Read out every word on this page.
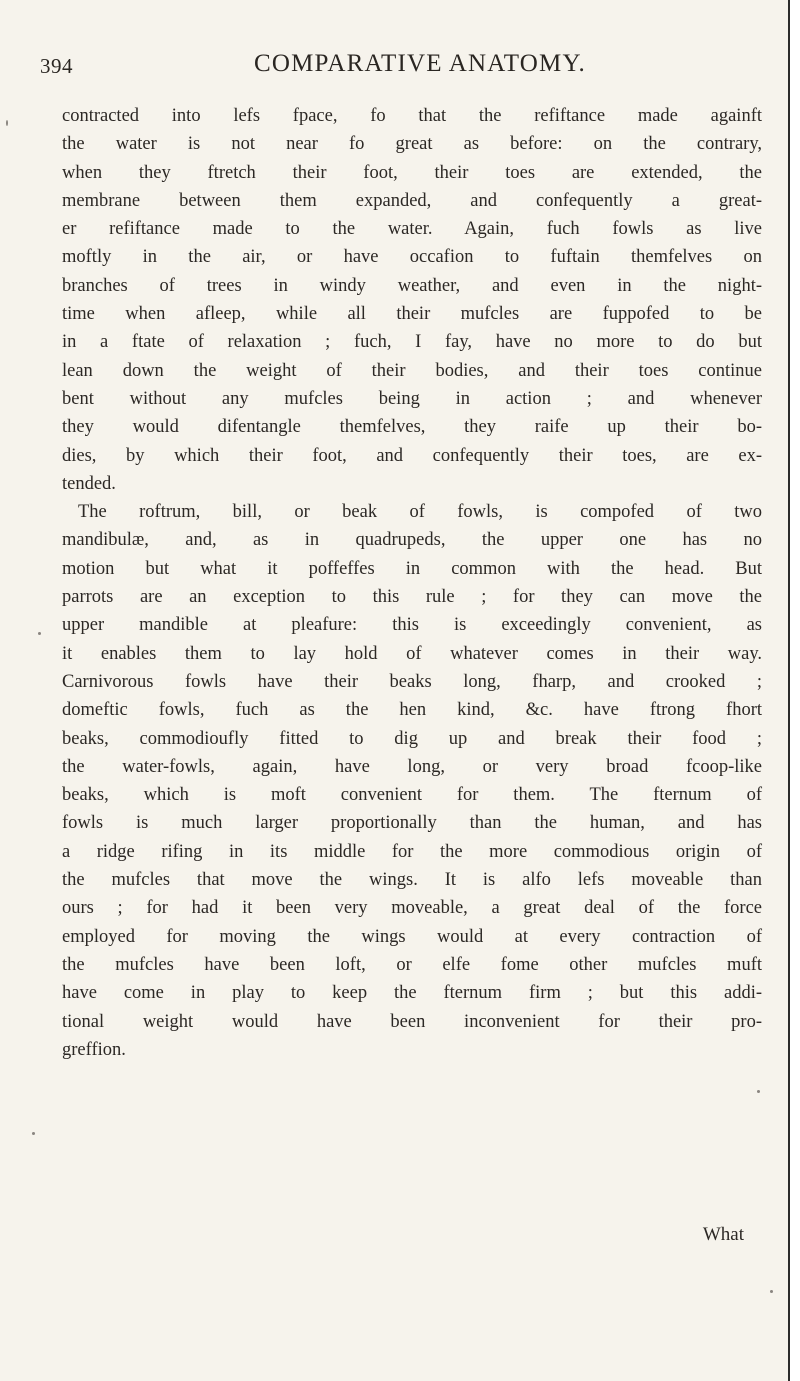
394	COMPARATIVE ANATOMY.
contracted into lefs fpace, fo that the refiftance made againft
the water is not near fo great as before: on the contrary,
when they ftretch their foot, their toes are extended, the
membrane between them expanded, and confequently a great-
er refiftance made to the water. Again, fuch fowls as live
moftly in the air, or have occafion to fuftain themfelves on
branches of trees in windy weather, and even in the night-
time when afleep, while all their mufcles are fuppofed to be
in a ftate of relaxation ; fuch, I fay, have no more to do but
lean down the weight of their bodies, and their toes continue
bent without any mufcles being in action ; and whenever
they would difentangle themfelves, they raife up their bo-
dies, by which their foot, and confequently their toes, are ex-
tended.
The roftrum, bill, or beak of fowls, is compofed of two
mandibulæ, and, as in quadrupeds, the upper one has no
motion but what it poffeffes in common with the head. But
parrots are an exception to this rule ; for they can move the
upper mandible at pleafure: this is exceedingly convenient, as
it enables them to lay hold of whatever comes in their way.
Carnivorous fowls have their beaks long, fharp, and crooked ;
domeftic fowls, fuch as the hen kind, &c. have ftrong fhort
beaks, commodioufly fitted to dig up and break their food ;
the water-fowls, again, have long, or very broad fcoop-like
beaks, which is moft convenient for them. The fternum of
fowls is much larger proportionally than the human, and has
a ridge rifing in its middle for the more commodious origin of
the mufcles that move the wings. It is alfo lefs moveable than
ours ; for had it been very moveable, a great deal of the force
employed for moving the wings would at every contraction of
the mufcles have been loft, or elfe fome other mufcles muft
have come in play to keep the fternum firm ; but this addi-
tional weight would have been inconvenient for their pro-
greffion.
What
